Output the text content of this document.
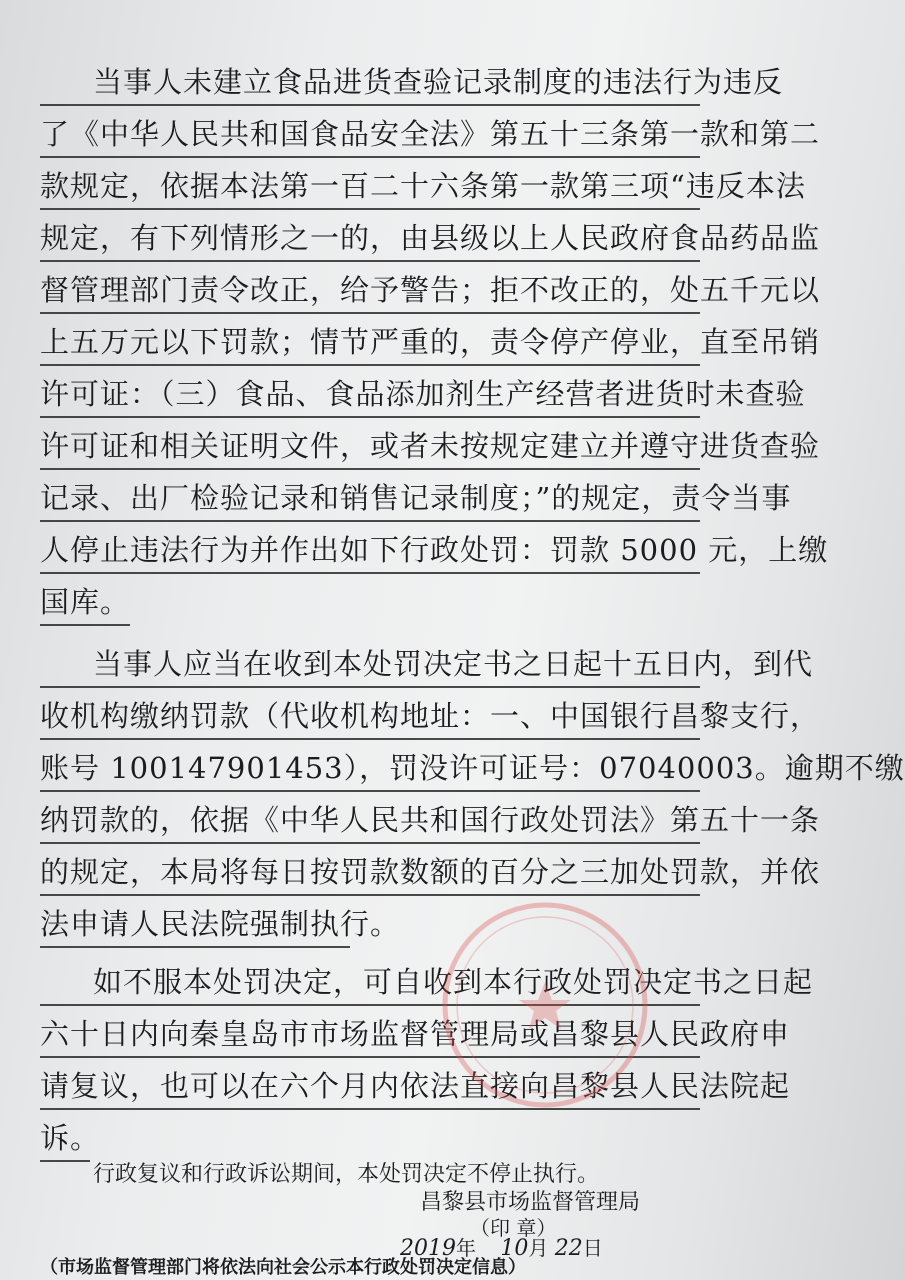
当事人未建立食品进货查验记录制度的违法行为违反
了《中华人民共和国食品安全法》第五十三条第一款和第二
款规定，依据本法第一百二十六条第一款第三项“违反本法
规定，有下列情形之一的，由县级以上人民政府食品药品监
督管理部门责令改正，给予警告；拒不改正的，处五千元以
上五万元以下罚款；情节严重的，责令停产停业，直至吊销
许可证：（三）食品、食品添加剂生产经营者进货时未查验
许可证和相关证明文件，或者未按规定建立并遵守进货查验
记录、出厂检验记录和销售记录制度；”的规定，责令当事
人停止违法行为并作出如下行政处罚：罚款 5000 元，上缴
国库。
当事人应当在收到本处罚决定书之日起十五日内，到代
收机构缴纳罚款（代收机构地址：一、中国银行昌黎支行，
账号 100147901453），罚没许可证号：07040003。逾期不缴
纳罚款的，依据《中华人民共和国行政处罚法》第五十一条
的规定，本局将每日按罚款数额的百分之三加处罚款，并依
法申请人民法院强制执行。
如不服本处罚决定，可自收到本行政处罚决定书之日起
六十日内向秦皇岛市市场监督管理局或昌黎县人民政府申
请复议，也可以在六个月内依法直接向昌黎县人民法院起
诉。
行政复议和行政诉讼期间，本处罚决定不停止执行。
昌黎县市场监督管理局
（印 章）
2019年 10月 22日
（市场监督管理部门将依法向社会公示本行政处罚决定信息）
